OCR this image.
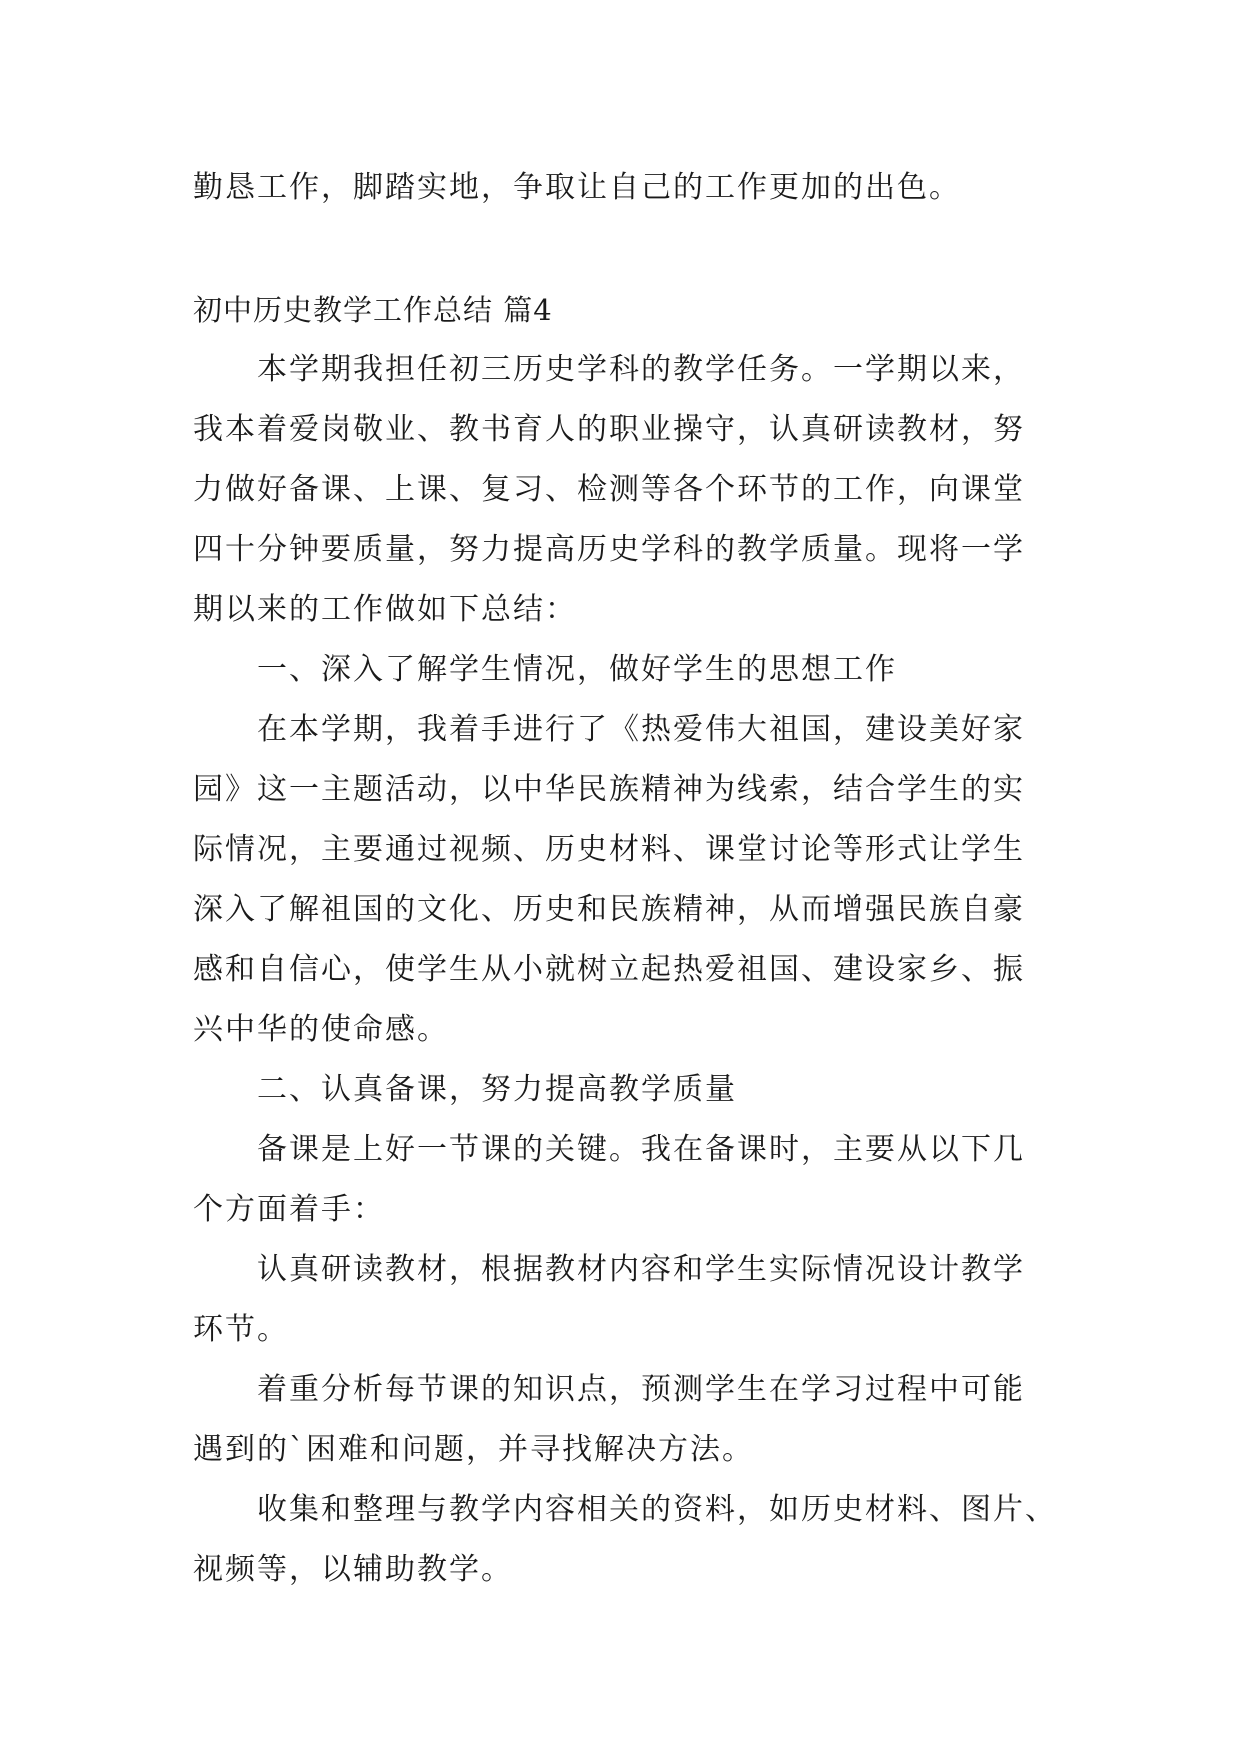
勤恳工作，脚踏实地，争取让自己的工作更加的出色。
初中历史教学工作总结 篇4
本学期我担任初三历史学科的教学任务。一学期以来，
我本着爱岗敬业、教书育人的职业操守，认真研读教材，努
力做好备课、上课、复习、检测等各个环节的工作，向课堂
四十分钟要质量，努力提高历史学科的教学质量。现将一学
期以来的工作做如下总结：
一、深入了解学生情况，做好学生的思想工作
在本学期，我着手进行了《热爱伟大祖国，建设美好家
园》这一主题活动，以中华民族精神为线索，结合学生的实
际情况，主要通过视频、历史材料、课堂讨论等形式让学生
深入了解祖国的文化、历史和民族精神，从而增强民族自豪
感和自信心，使学生从小就树立起热爱祖国、建设家乡、振
兴中华的使命感。
二、认真备课，努力提高教学质量
备课是上好一节课的关键。我在备课时，主要从以下几
个方面着手：
认真研读教材，根据教材内容和学生实际情况设计教学
环节。
着重分析每节课的知识点，预测学生在学习过程中可能
遇到的`困难和问题，并寻找解决方法。
收集和整理与教学内容相关的资料，如历史材料、图片、
视频等，以辅助教学。
